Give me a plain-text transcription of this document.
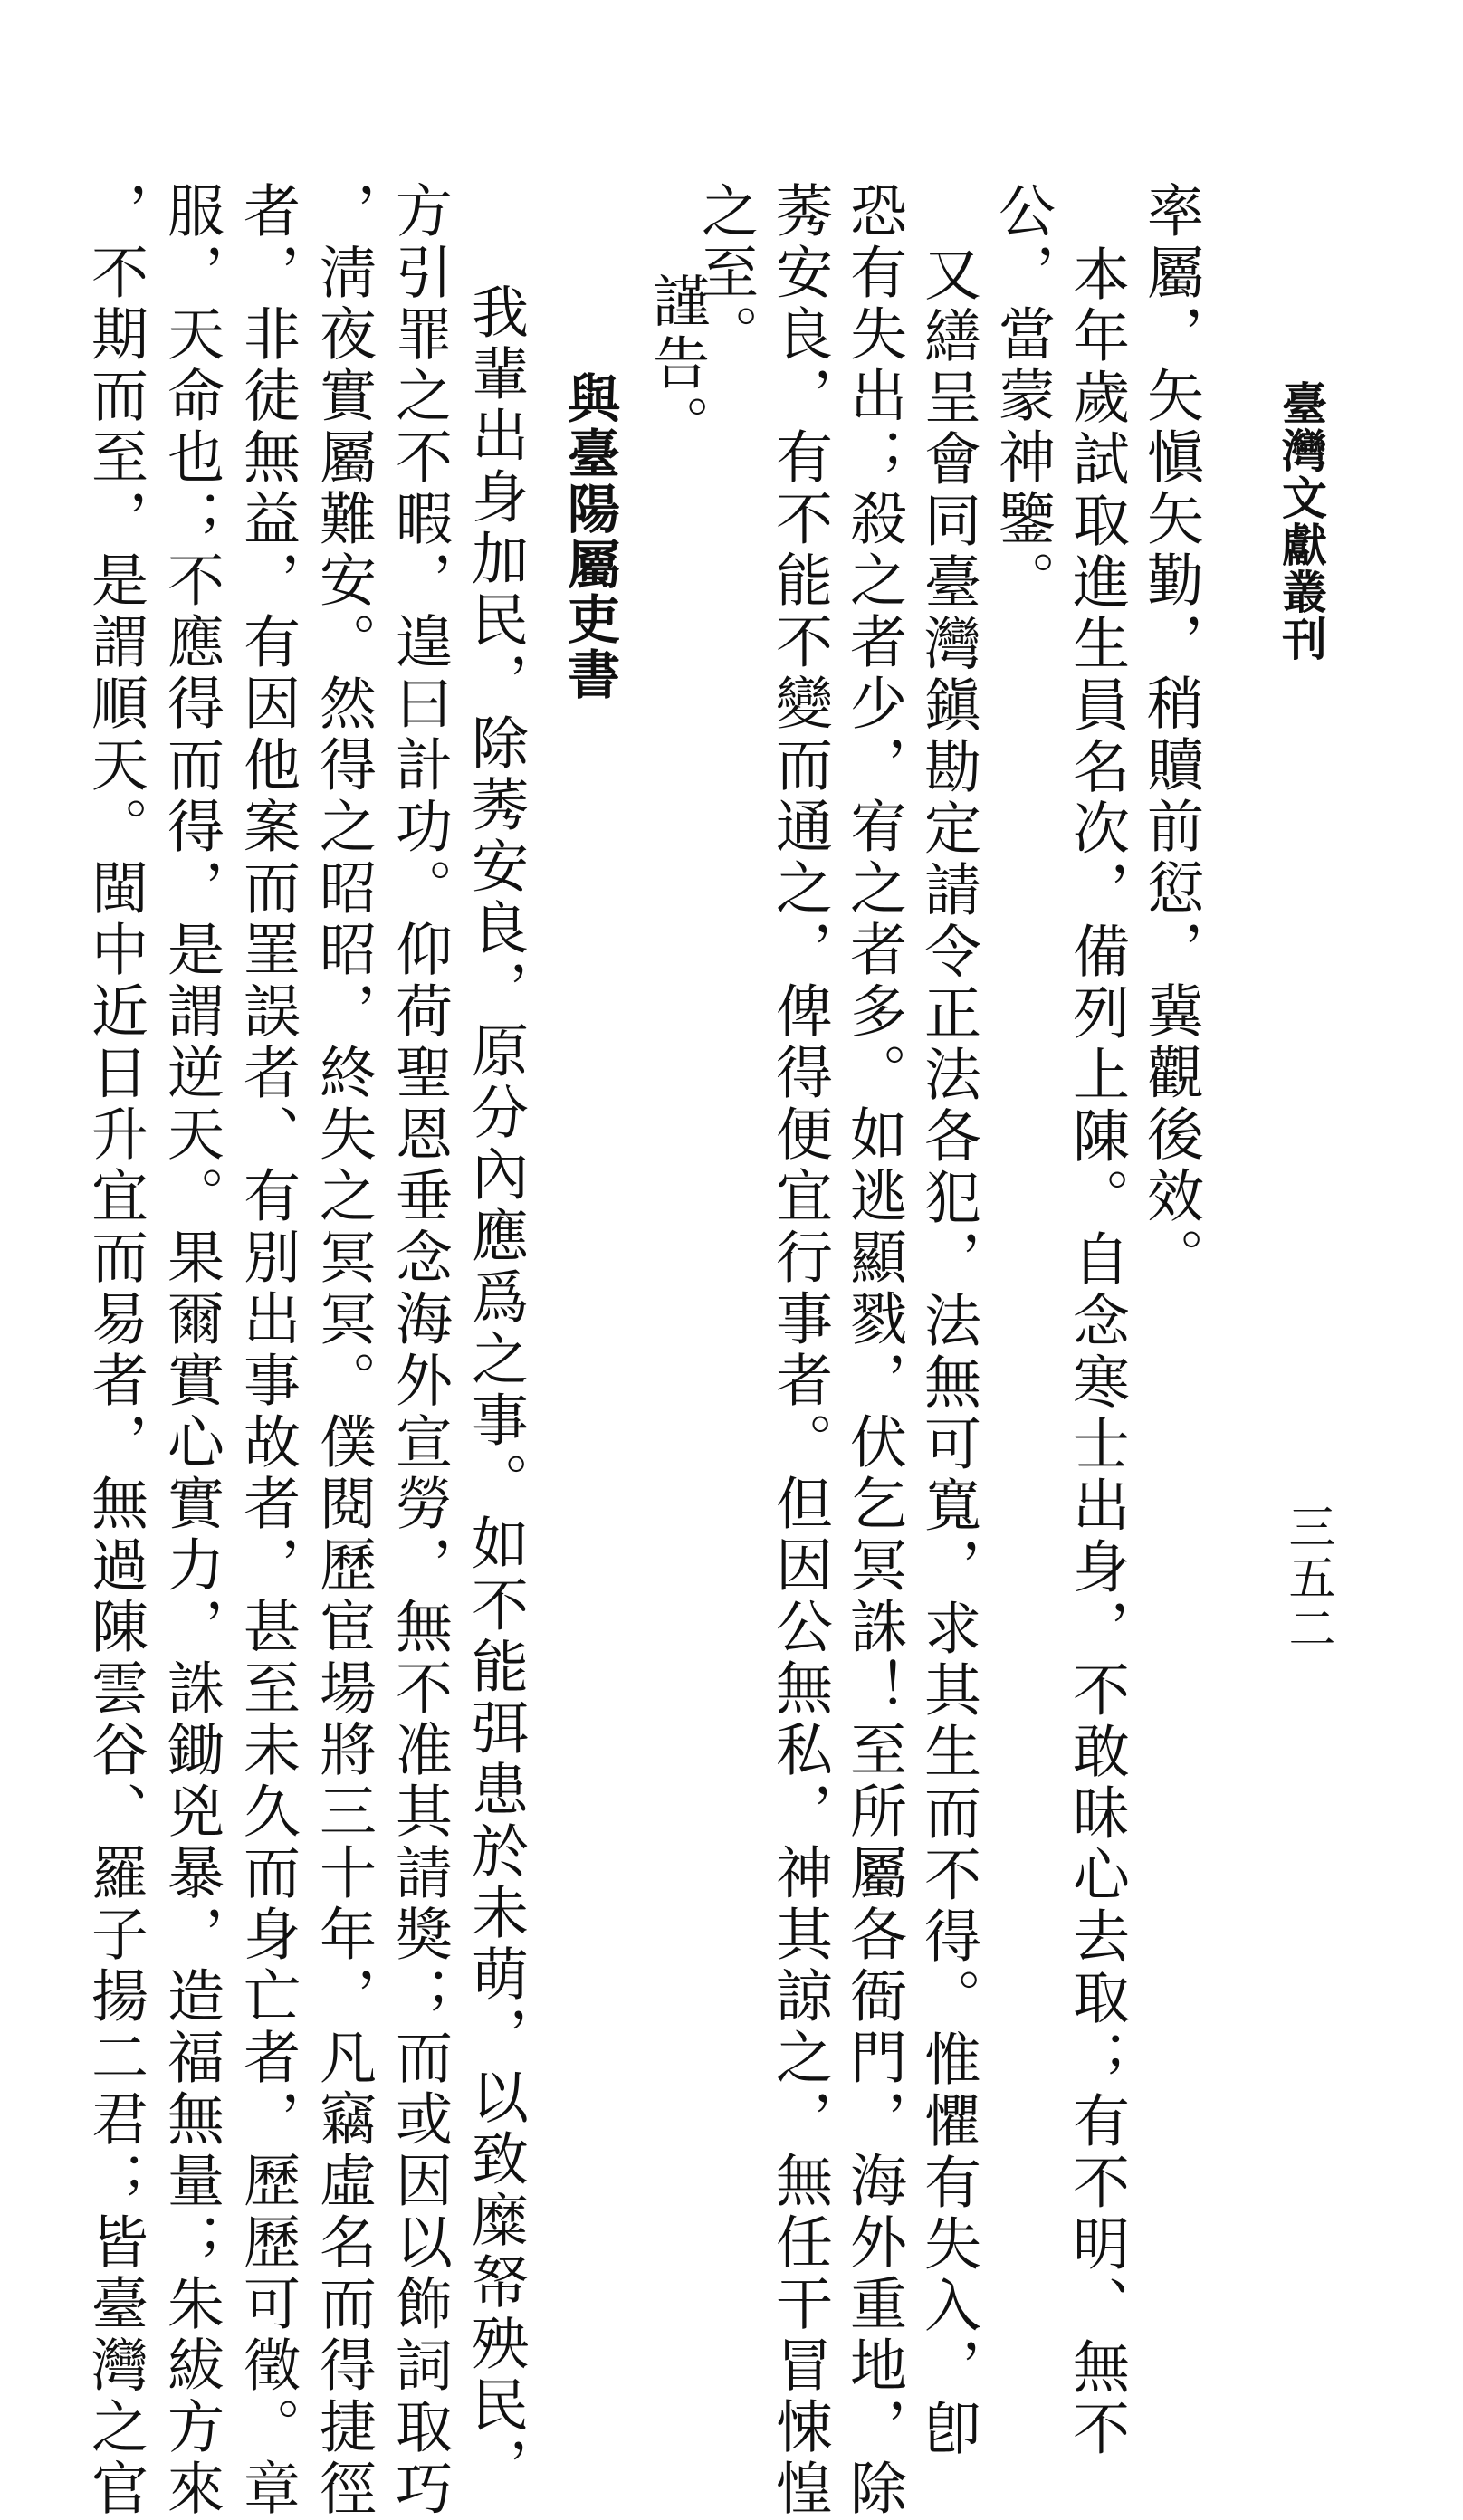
臺灣文獻叢刊
三五二
率屬，矢愼矢勤，稍贖前愆，冀觀後效。
本年歲試取進生員名次，備列上陳。自念寒士出身，不敢昧心去取；有不明、無不
公，當蒙神鑒。
又繕呈會同臺灣鎭勘定請令正法各犯，法無可寬，求其生而不得。惟懼有失入，卽
恐有失出；殺之者少，宥之者多。如逃顯戮，伏乞冥誅！至所屬各衙門，海外重地，除
莠安良，有不能不變而通之，俾得便宜行事者。但因公無私，神其諒之，無任干冒悚惶
之至。
謹告。
與臺陽屬吏書
我輩出身加民，除莠安良，原分內應爲之事。如不能弭患於未萌，以致糜帑殃民，
方引罪之不暇，遑曰計功。仰荷聖恩垂念海外宣勞，無不准其請獎；而或因以飾詞取巧
，淸夜實屬難安。然得之昭昭，終失之冥冥。僕閱歷宦場將三十年，凡竊虛名而得捷徑
者，非徒無益，有因他案而罣誤者、有別出事故者，甚至未久而身亡者，歷歷可徵。章
服，天命也；不應得而得，是謂逆天。果爾實心實力，誅鋤兇暴，造福無量；朱紱方來
，不期而至，是謂順天。閩中近日升宜而易者，無過陳雲谷、羅子揚二君；皆臺灣之官
